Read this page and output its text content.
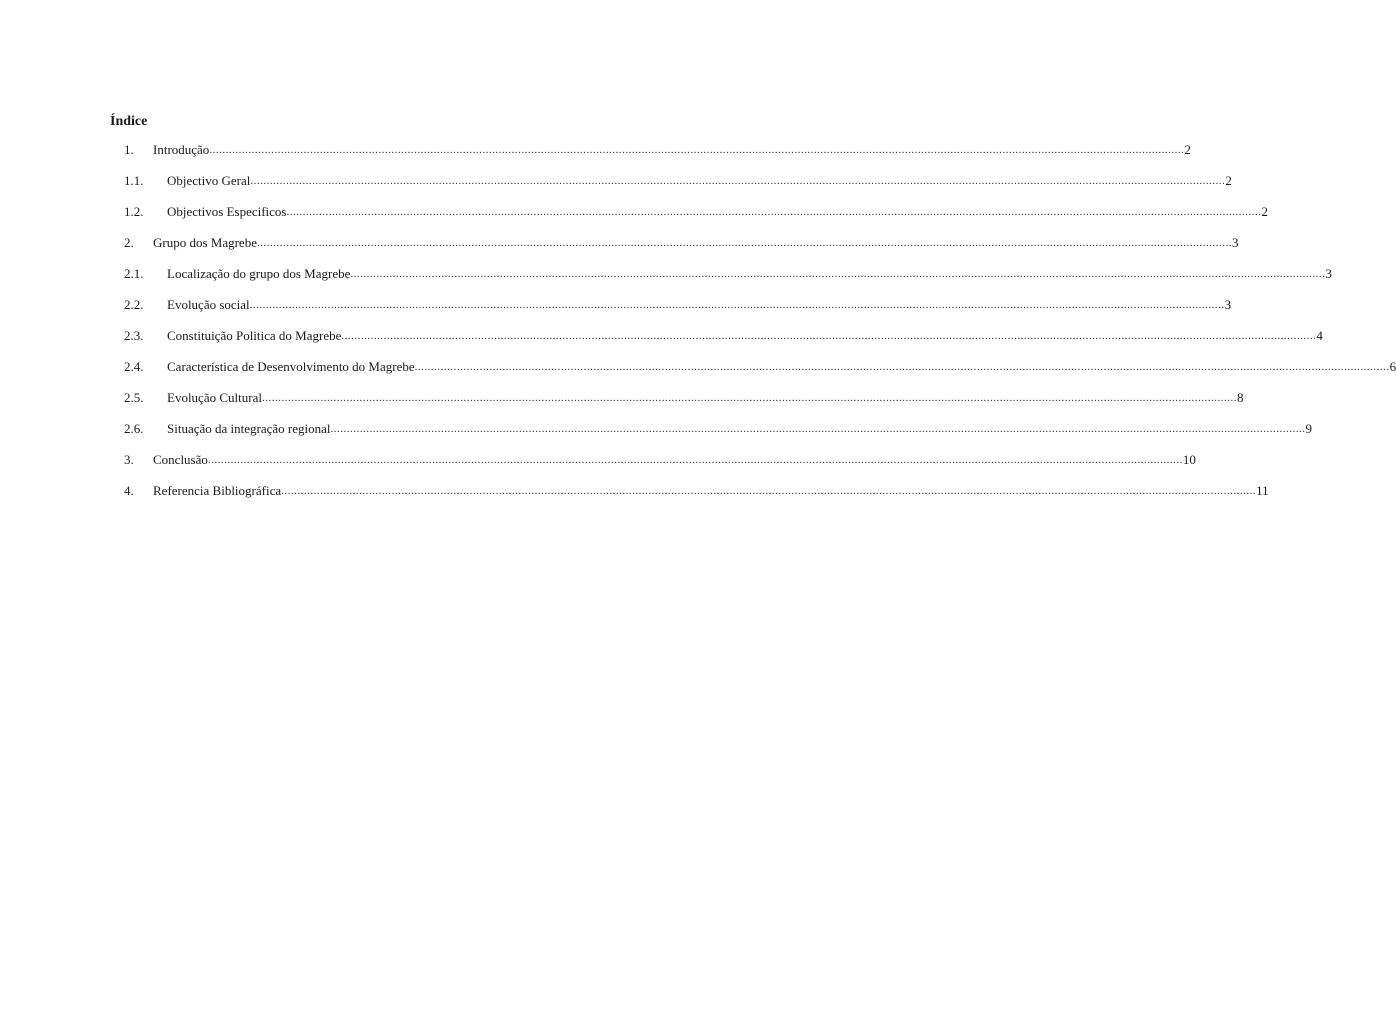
Índice
1.	Introdução ............................................................................................................................................................................................................................................................................................................ 2
1.1.	Objectivo Geral ............................................................................................................................................................................................................................................................................................................ 2
1.2.	Objectivos Especificos ............................................................................................................................................................................................................................................................................................................ 2
2.	Grupo dos Magrebe ............................................................................................................................................................................................................................................................................................................ 3
2.1.	Localização do grupo dos Magrebe ............................................................................................................................................................................................................................................................................................................ 3
2.2.	Evolução social ............................................................................................................................................................................................................................................................................................................ 3
2.3.	Constituição Politica do Magrebe ............................................................................................................................................................................................................................................................................................................ 4
2.4.	Característica de Desenvolvimento do Magrebe ............................................................................................................................................................................................................................................................................................................ 6
2.5.	Evolução Cultural ............................................................................................................................................................................................................................................................................................................ 8
2.6.	Situação da integração regional ............................................................................................................................................................................................................................................................................................................ 9
3.	Conclusão ............................................................................................................................................................................................................................................................................................................ 10
4.	Referencia Bibliográfica ............................................................................................................................................................................................................................................................................................................ 11
